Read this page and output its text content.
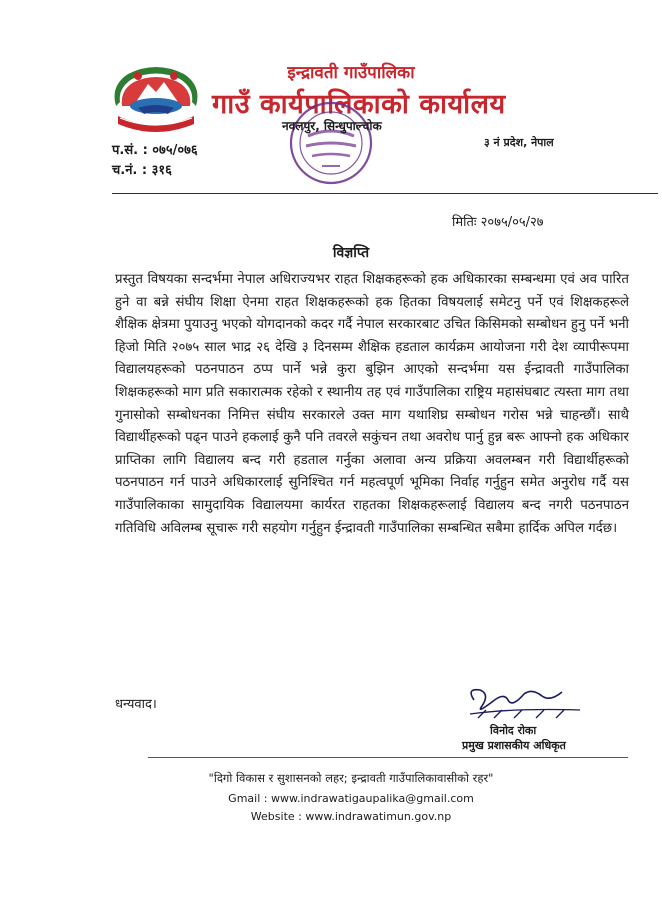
इन्द्रावती गाउँपालिका
गाउँ कार्यपालिकाको कार्यालय
नवलपुर, सिन्धुपाल्चोक
३ नं प्रदेश, नेपाल
प.सं. : ०७५/०७६
च.नं. : ३१६
मितिः २०७५/०५/२७
विज्ञप्ति
प्रस्तुत विषयका सन्दर्भमा नेपाल अधिराज्यभर राहत शिक्षकहरूको हक अधिकारका सम्बन्धमा एवं अव पारित हुने वा बन्ने संघीय शिक्षा ऐनमा राहत शिक्षकहरूको हक हितका विषयलाई समेटनु पर्ने एवं शिक्षकहरूले शैक्षिक क्षेत्रमा पुयाउनु भएको योगदानको कदर गर्दै नेपाल सरकारबाट उचित किसिमको सम्बोधन हुनु पर्ने भनी हिजो मिति २०७५ साल भाद्र २६ देखि ३ दिनसम्म शैक्षिक हडताल कार्यक्रम आयोजना गरी देश व्यापीरूपमा विद्यालयहरूको पठनपाठन ठप्प पार्ने भन्ने कुरा बुझिन आएको सन्दर्भमा यस ईन्द्रावती गाउँपालिका शिक्षकहरूको माग प्रति सकारात्मक रहेको र स्थानीय तह एवं गाउँपालिका राष्ट्रिय महासंघबाट त्यस्ता माग तथा गुनासोको सम्बोधनका निमित्त संघीय सरकारले उक्त माग यथाशिघ्र सम्बोधन गरोस भन्ने चाहन्छौं। साथै विद्यार्थीहरूको पढ्न पाउने हकलाई कुनै पनि तवरले सकुंचन तथा अवरोध पार्नु हुन्न बरू आफ्नो हक अधिकार प्राप्तिका लागि विद्यालय बन्द गरी हडताल गर्नुका अलावा अन्य प्रक्रिया अवलम्बन गरी विद्यार्थीहरूको पठनपाठन गर्न पाउने अधिकारलाई सुनिश्चित गर्न महत्वपूर्ण भूमिका निर्वाह गर्नुहुन समेत अनुरोध गर्दै यस गाउँपालिकाका सामुदायिक विद्यालयमा कार्यरत राहतका शिक्षकहरूलाई विद्यालय बन्द नगरी पठनपाठन गतिविधि अविलम्ब सूचारू गरी सहयोग गर्नुहुन ईन्द्रावती गाउँपालिका सम्बन्धित सबैमा हार्दिक अपिल गर्दछ।
धन्यवाद।
विनोद रोका
प्रमुख प्रशासकीय अधिकृत
"दिगो विकास र सुशासनको लहर; इन्द्रावती गाउँपालिकावासीको रहर"
Gmail : www.indrawatigaupalika@gmail.com
Website : www.indrawatimun.gov.np
